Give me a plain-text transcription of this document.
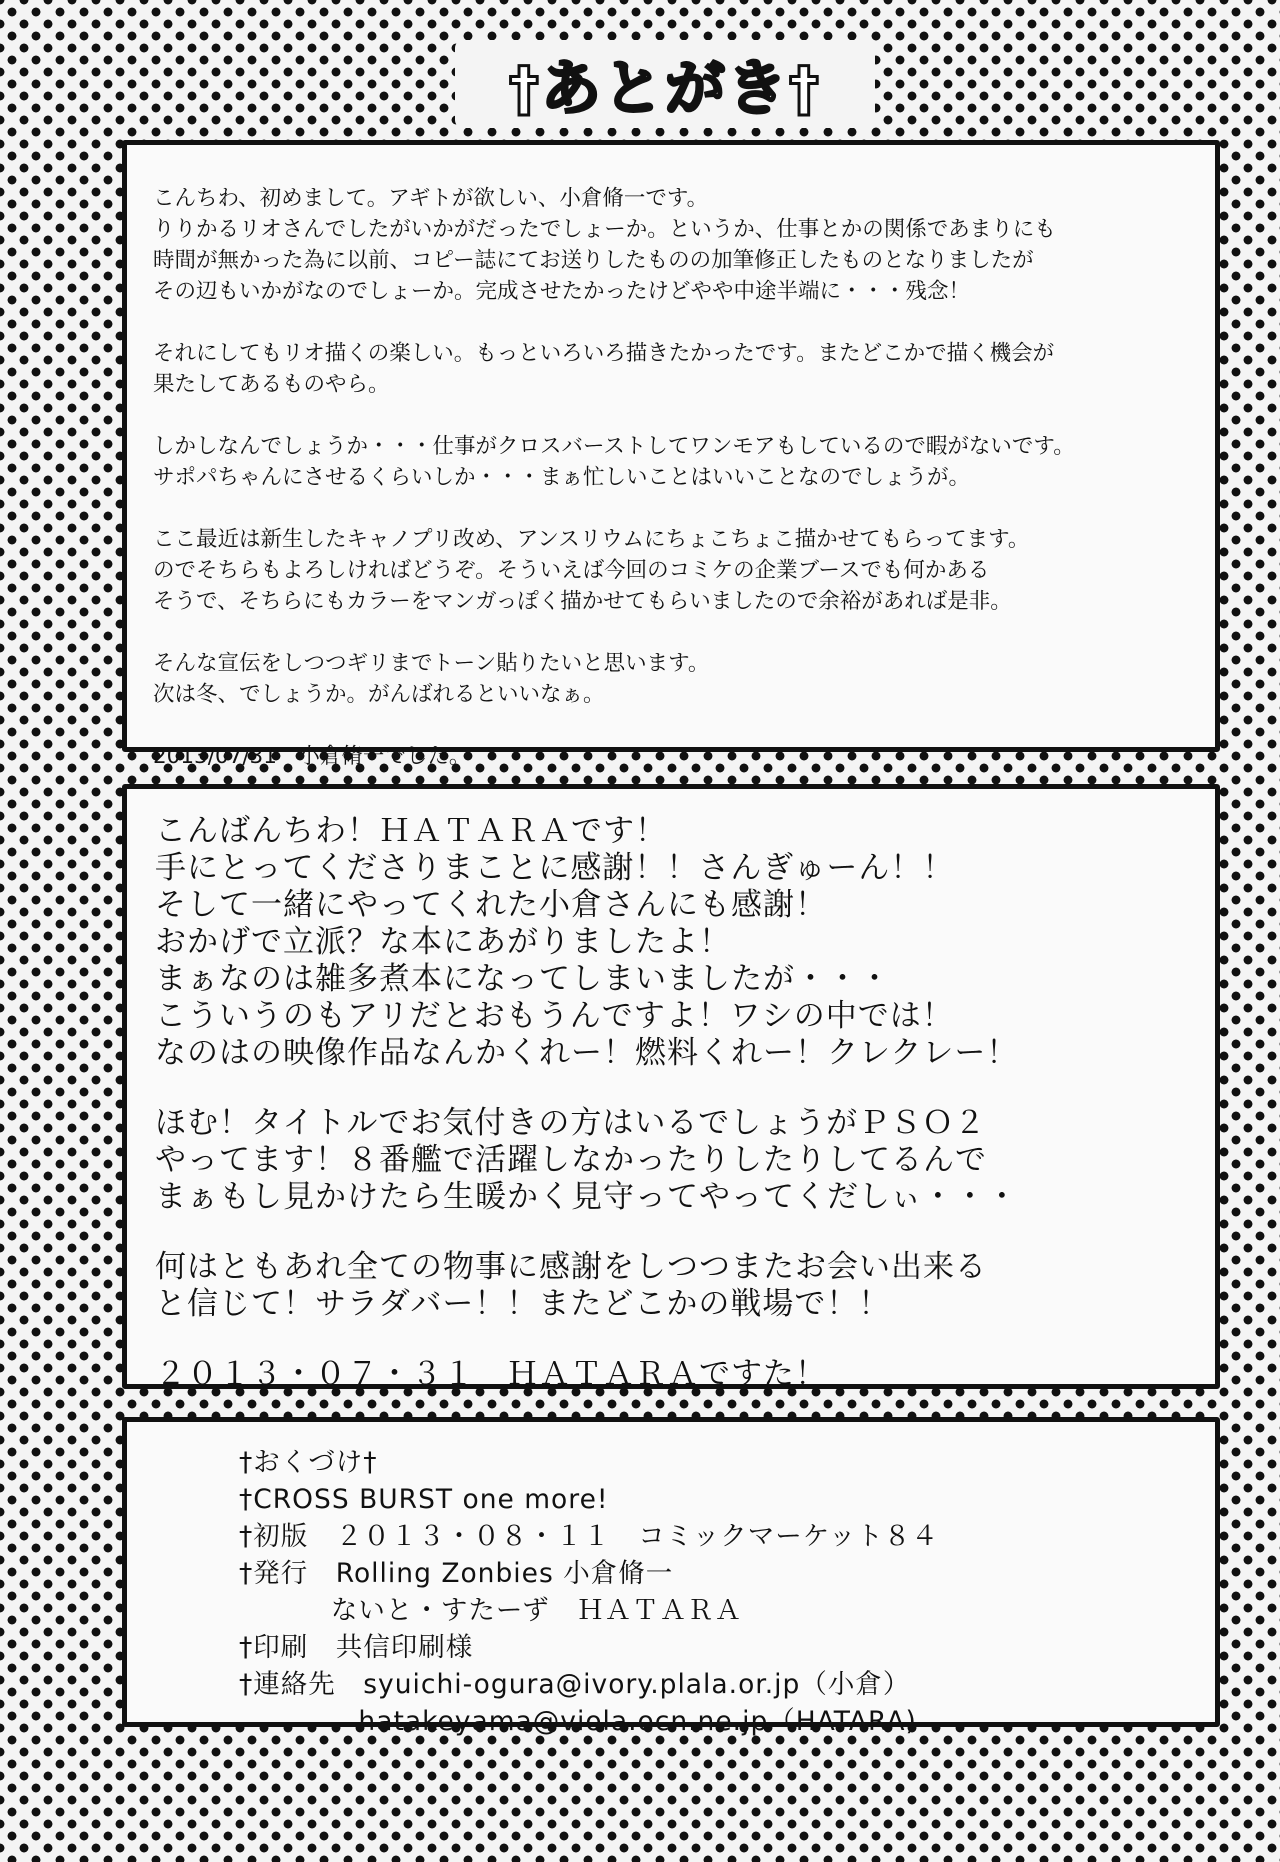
†あとがき†

こんちわ、初めまして。アギトが欲しい、小倉脩一です。
りりかるリオさんでしたがいかがだったでしょーか。というか、仕事とかの関係であまりにも
時間が無かった為に以前、コピー誌にてお送りしたものの加筆修正したものとなりましたが
その辺もいかがなのでしょーか。完成させたかったけどやや中途半端に・・・残念！

それにしてもリオ描くの楽しい。もっといろいろ描きたかったです。またどこかで描く機会が
果たしてあるものやら。

しかしなんでしょうか・・・仕事がクロスバーストしてワンモアもしているので暇がないです。
サポパちゃんにさせるくらいしか・・・まぁ忙しいことはいいことなのでしょうが。

ここ最近は新生したキャノプリ改め、アンスリウムにちょこちょこ描かせてもらってます。
のでそちらもよろしければどうぞ。そういえば今回のコミケの企業ブースでも何かある
そうで、そちらにもカラーをマンガっぽく描かせてもらいましたので余裕があれば是非。

そんな宣伝をしつつギリまでトーン貼りたいと思います。
次は冬、でしょうか。がんばれるといいなぁ。

2013/07/31　小倉脩一でした。

こんばんちわ！ＨＡＴＡＲＡです！
手にとってくださりまことに感謝！！さんぎゅーん！！
そして一緒にやってくれた小倉さんにも感謝！
おかげで立派？な本にあがりましたよ！
まぁなのは雑多煮本になってしまいましたが・・・
こういうのもアリだとおもうんですよ！ワシの中では！
なのはの映像作品なんかくれー！燃料くれー！クレクレー！

ほむ！タイトルでお気付きの方はいるでしょうがＰＳＯ２
やってます！８番艦で活躍しなかったりしたりしてるんで
まぁもし見かけたら生暖かく見守ってやってくだしぃ・・・

何はともあれ全ての物事に感謝をしつつまたお会い出来る
と信じて！サラダバー！！またどこかの戦場で！！

２０１３・０７・３１　ＨＡＴＡＲＡですた！

†おくづけ†
†CROSS BURST one more!
†初版　２０１３・０８・１１　コミックマーケット８４
†発行　Rolling Zonbies 小倉脩一
　　　 ないと・すたーず　ＨＡＴＡＲＡ
†印刷　共信印刷様
†連絡先　syuichi-ogura@ivory.plala.or.jp（小倉）
　　　　 hatakeyama@viola.ocn.ne.jp（HATARA)
